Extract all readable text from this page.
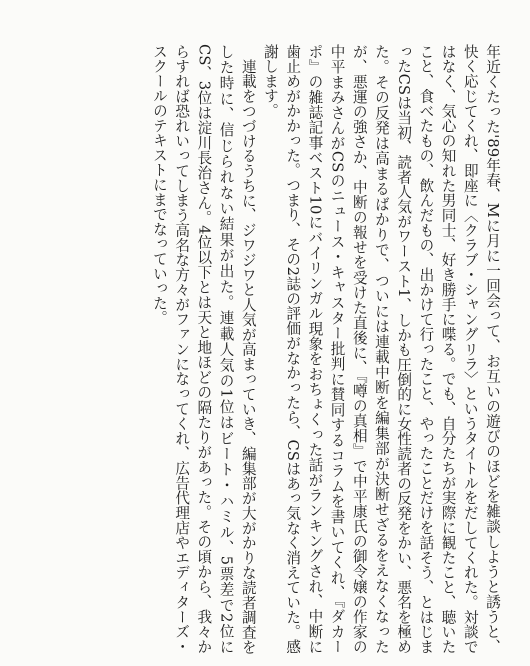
年近くたった'89年春、Mに月に一回会って、お互いの遊びのほどを雑談しようと誘うと、快く応じてくれ、即座に〈クラブ・シャングリラ〉というタイトルをだしてくれた。対談ではなく、気心の知れた男同士、好き勝手に喋る。でも、自分たちが実際に観たこと、聴いたこと、食べたもの、飲んだもの、出かけて行ったこと、やったことだけを話そう、とはじまったCSは当初、読者人気がワースト1、しかも圧倒的に女性読者の反発をかい、悪名を極めた。その反発は高まるばかりで、ついには連載中断を編集部が決断せざるをえなくなったが、悪運の強さか、中断の報せを受けた直後に、『噂の真相』で中平康氏の御令嬢の作家の中平まみさんがCSのニュース・キャスター批判に賛同するコラムを書いてくれ、『ダカーポ』の雑誌記事ベスト10にバイリンガル現象をおちょくった話がランキングされ、中断に歯止めがかかった。つまり、その2誌の評価がなかったら、CSはあっ気なく消えていた。感謝します。

連載をつづけるうちに、ジワジワと人気が高まっていき、編集部が大がかりな読者調査をした時に、信じられない結果が出た。連載人気の1位はビート・ハミル、5票差で2位にCS、3位は淀川長治さん。4位以下とは天と地ほどの隔たりがあった。その頃から、我々からすれば恐れいってしまう高名な方々がファンになってくれ、広告代理店やエディターズ・スクールのテキストにまでなっていった。
